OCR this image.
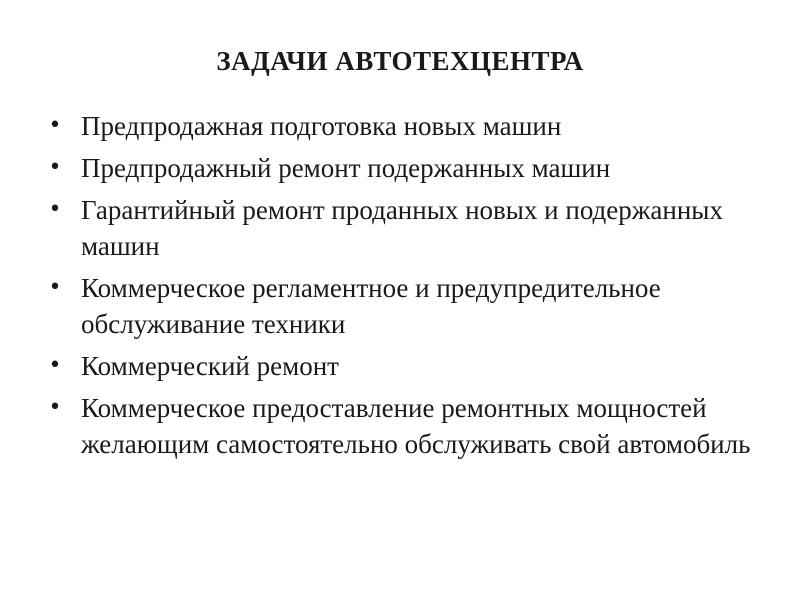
ЗАДАЧИ АВТОТЕХЦЕНТРА
• Предпродажная подготовка новых машин
• Предпродажный ремонт подержанных машин
• Гарантийный ремонт проданных новых и подержанных машин
• Коммерческое регламентное и предупредительное обслуживание техники
• Коммерческий ремонт
• Коммерческое предоставление ремонтных мощностей  желающим самостоятельно обслуживать свой автомобиль
